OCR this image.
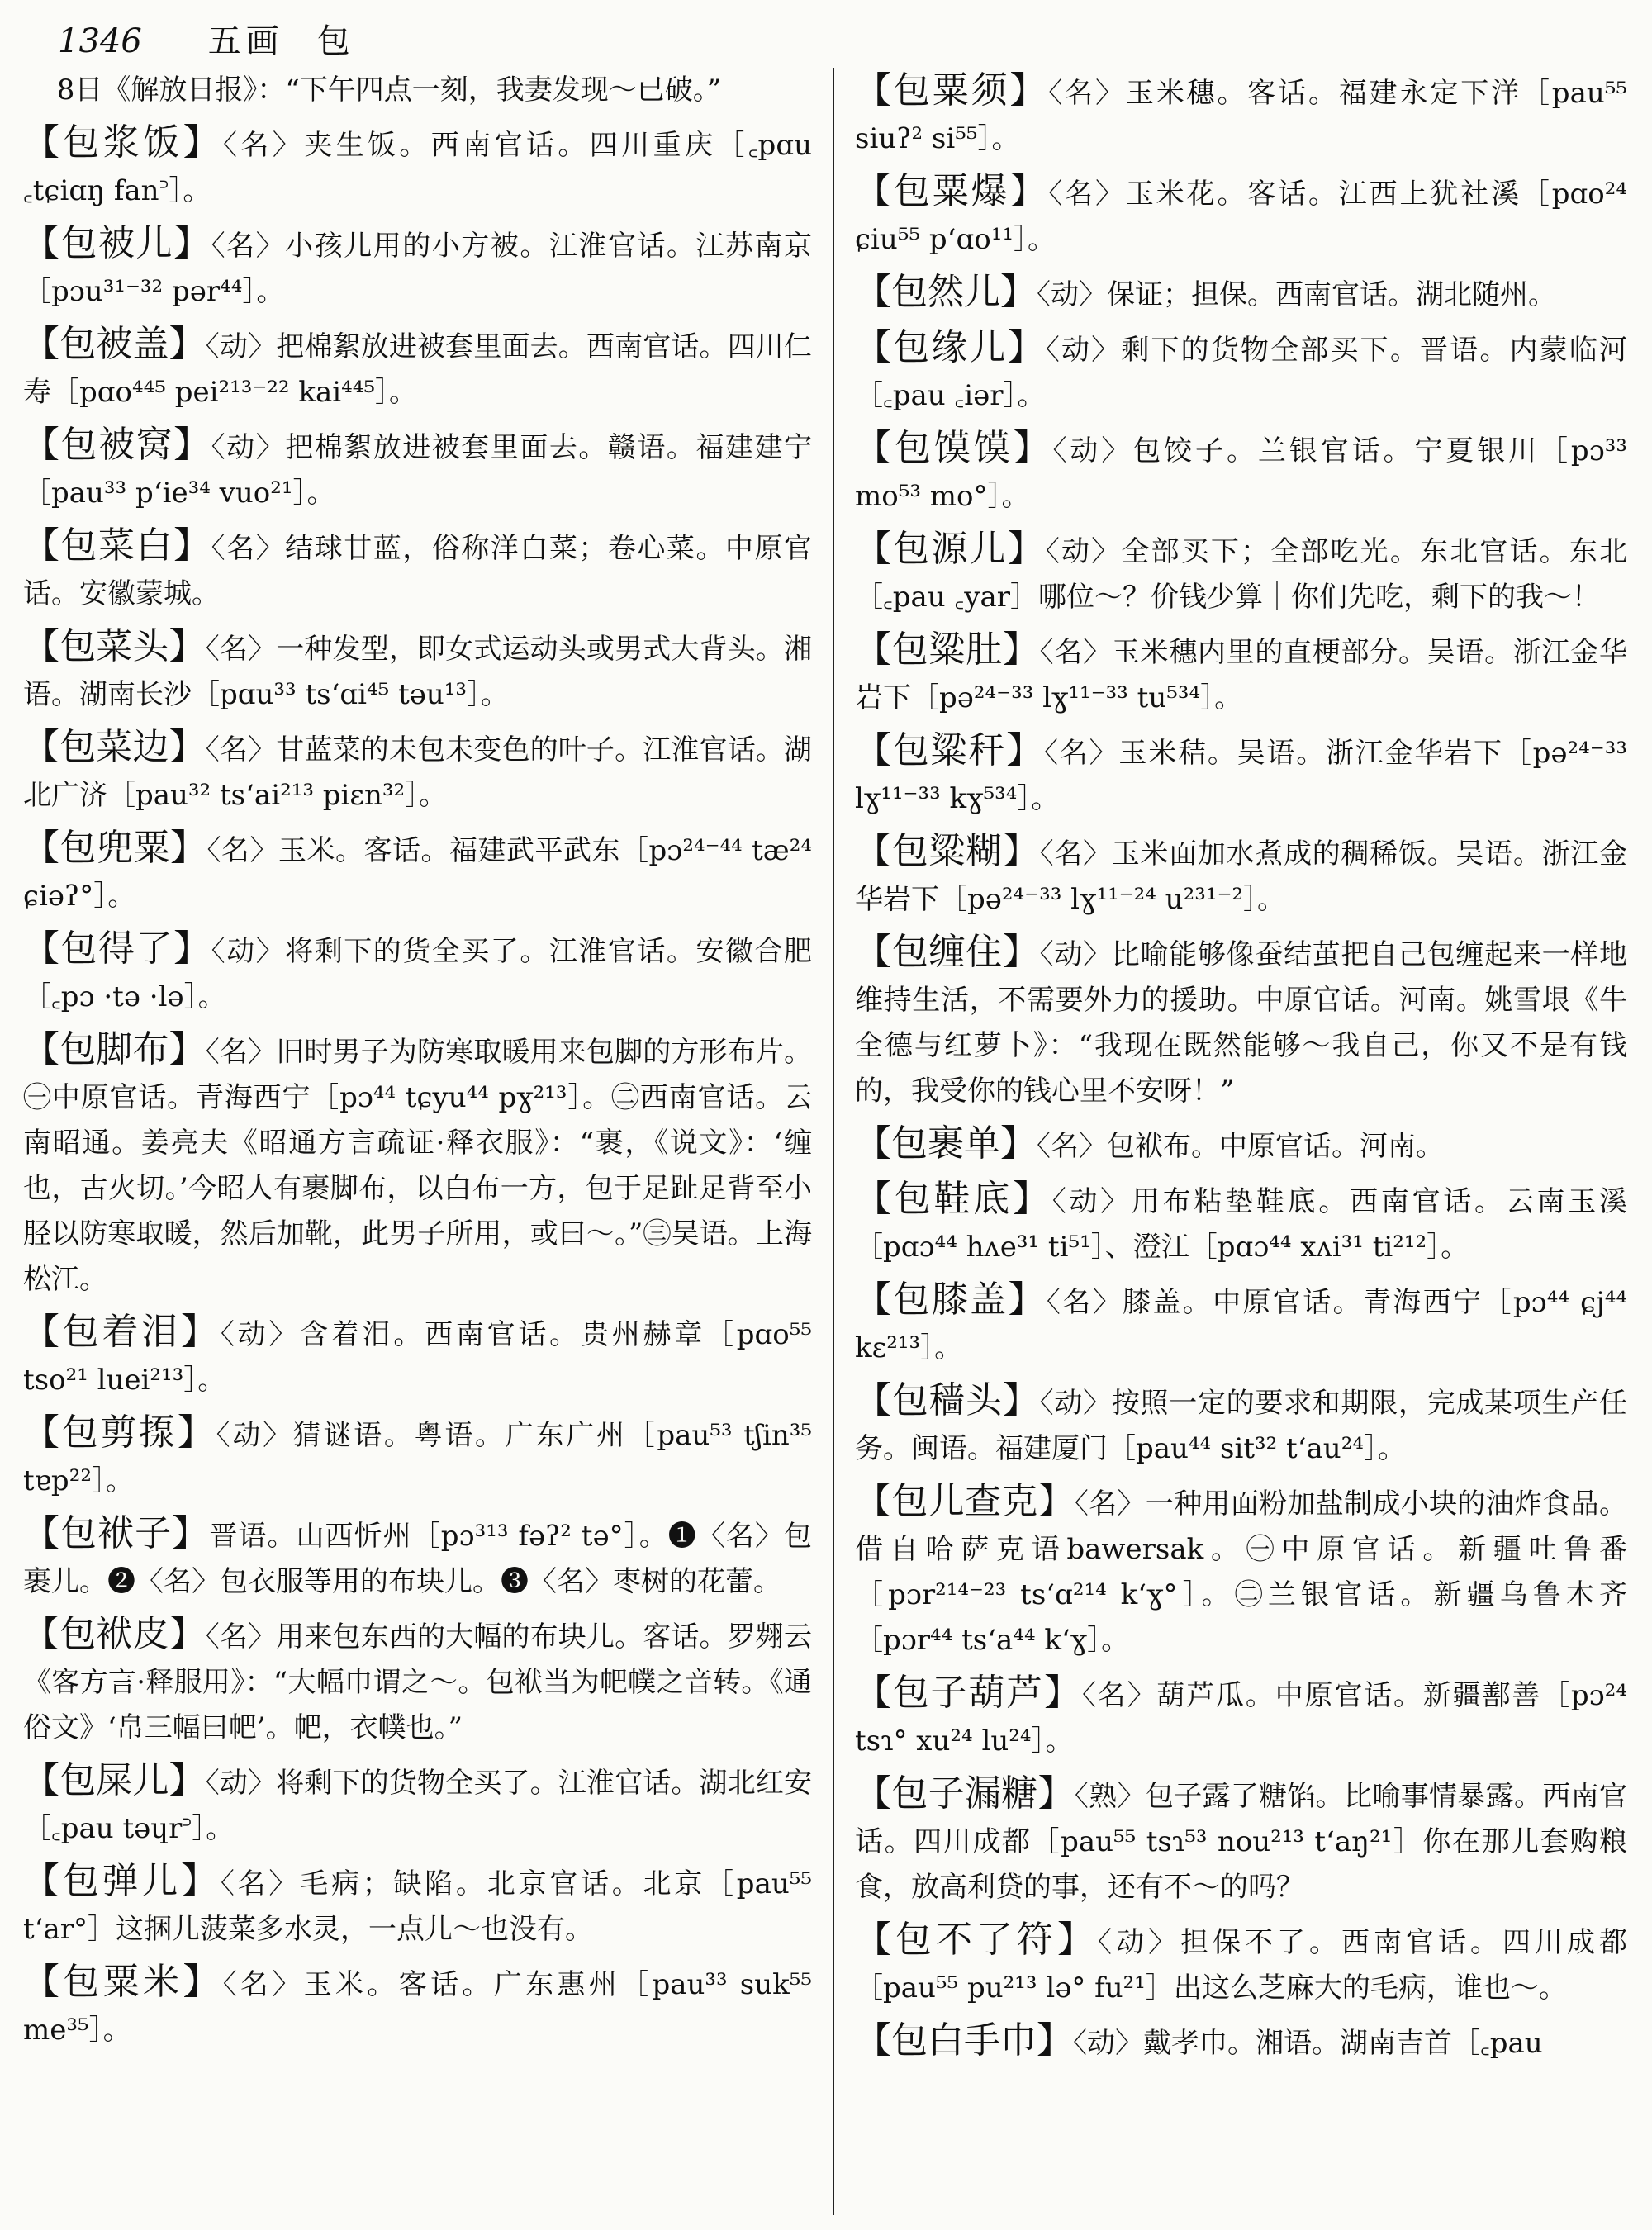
1346 五画 包

8日《解放日报》：“下午四点一刻，我妻发现～已破。”

【包浆饭】〈名〉夹生饭。西南官话。四川重庆［꜀pɑu ꜀tɕiɑŋ fan꜄］。

【包被儿】〈名〉小孩儿用的小方被。江淮官话。江苏南京［pɔu³¹⁻³² pər⁴⁴］。

【包被盖】〈动〉把棉絮放进被套里面去。西南官话。四川仁寿［pɑo⁴⁴⁵ pei²¹³⁻²² kai⁴⁴⁵］。

【包被窝】〈动〉把棉絮放进被套里面去。赣语。福建建宁［pau³³ p‘ie³⁴ vuo²¹］。

【包菜白】〈名〉结球甘蓝，俗称洋白菜；卷心菜。中原官话。安徽蒙城。

【包菜头】〈名〉一种发型，即女式运动头或男式大背头。湘语。湖南长沙［pɑu³³ ts‘ɑi⁴⁵ təu¹³］。

【包菜边】〈名〉甘蓝菜的未包未变色的叶子。江淮官话。湖北广济［pau³² ts‘ai²¹³ piɛn³²］。

【包兜粟】〈名〉玉米。客话。福建武平武东［pɔ²⁴⁻⁴⁴ tæ²⁴ ɕiəʔ°］。

【包得了】〈动〉将剩下的货全买了。江淮官话。安徽合肥［꜀pɔ ·tə ·lə］。

【包脚布】〈名〉旧时男子为防寒取暖用来包脚的方形布片。㊀中原官话。青海西宁［pɔ⁴⁴ tɕyu⁴⁴ pɣ²¹³］。㊁西南官话。云南昭通。姜亮夫《昭通方言疏证·释衣服》：“裹，《说文》：‘缠也，古火切。’今昭人有裹脚布，以白布一方，包于足趾足背至小胫以防寒取暖，然后加靴，此男子所用，或曰～。”㊂吴语。上海松江。

【包着泪】〈动〉含着泪。西南官话。贵州赫章［pɑo⁵⁵ tso²¹ luei²¹³］。

【包剪揼】〈动〉猜谜语。粤语。广东广州［pau⁵³ tʃin³⁵ tɐp²²］。

【包袱子】晋语。山西忻州［pɔ³¹³ fəʔ² tə°］。❶〈名〉包裹儿。❷〈名〉包衣服等用的布块儿。❸〈名〉枣树的花蕾。

【包袱皮】〈名〉用来包东西的大幅的布块儿。客话。罗翙云《客方言·释服用》：“大幅巾谓之～。包袱当为帊幞之音转。《通俗文》‘帛三幅曰帊’。帊，衣幞也。”

【包屎儿】〈动〉将剩下的货物全买了。江淮官话。湖北红安［꜀pau təɥr꜄］。

【包弹儿】〈名〉毛病；缺陷。北京官话。北京［pau⁵⁵ t‘ar°］这捆儿菠菜多水灵，一点儿～也没有。

【包粟米】〈名〉玉米。客话。广东惠州［pau³³ suk⁵⁵ me³⁵］。

【包粟须】〈名〉玉米穗。客话。福建永定下洋［pau⁵⁵ siuʔ² si⁵⁵］。

【包粟爆】〈名〉玉米花。客话。江西上犹社溪［pɑo²⁴ ɕiu⁵⁵ p‘ɑo¹¹］。

【包然儿】〈动〉保证；担保。西南官话。湖北随州。

【包缘儿】〈动〉剩下的货物全部买下。晋语。内蒙临河［꜀pau ꜀iər］。

【包馍馍】〈动〉包饺子。兰银官话。宁夏银川［pɔ³³ mo⁵³ mo°］。

【包源儿】〈动〉全部买下；全部吃光。东北官话。东北［꜀pau ꜀yar］哪位～？价钱少算｜你们先吃，剩下的我～！

【包粱肚】〈名〉玉米穗内里的直梗部分。吴语。浙江金华岩下［pə²⁴⁻³³ lɣ¹¹⁻³³ tu⁵³⁴］。

【包粱秆】〈名〉玉米秸。吴语。浙江金华岩下［pə²⁴⁻³³ lɣ¹¹⁻³³ kɣ⁵³⁴］。

【包粱糊】〈名〉玉米面加水煮成的稠稀饭。吴语。浙江金华岩下［pə²⁴⁻³³ lɣ¹¹⁻²⁴ u²³¹⁻²］。

【包缠住】〈动〉比喻能够像蚕结茧把自己包缠起来一样地维持生活，不需要外力的援助。中原官话。河南。姚雪垠《牛全德与红萝卜》：“我现在既然能够～我自己，你又不是有钱的，我受你的钱心里不安呀！”

【包裹单】〈名〉包袱布。中原官话。河南。

【包鞋底】〈动〉用布粘垫鞋底。西南官话。云南玉溪［pɑɔ⁴⁴ hʌe³¹ ti⁵¹］、澄江［pɑɔ⁴⁴ xʌi³¹ ti²¹²］。

【包膝盖】〈名〉膝盖。中原官话。青海西宁［pɔ⁴⁴ ɕj⁴⁴ kɛ²¹³］。

【包穑头】〈动〉按照一定的要求和期限，完成某项生产任务。闽语。福建厦门［pau⁴⁴ sit³² t‘au²⁴］。

【包儿查克】〈名〉一种用面粉加盐制成小块的油炸食品。借自哈萨克语bawersak。㊀中原官话。新疆吐鲁番［pɔr²¹⁴⁻²³ ts‘ɑ²¹⁴ k‘ɣ°］。㊁兰银官话。新疆乌鲁木齐［pɔr⁴⁴ ts‘a⁴⁴ k‘ɣ］。

【包子葫芦】〈名〉葫芦瓜。中原官话。新疆鄯善［pɔ²⁴ tsɿ° xu²⁴ lu²⁴］。

【包子漏糖】〈熟〉包子露了糖馅。比喻事情暴露。西南官话。四川成都［pau⁵⁵ tsɿ⁵³ nou²¹³ t‘aŋ²¹］你在那儿套购粮食，放高利贷的事，还有不～的吗？

【包不了符】〈动〉担保不了。西南官话。四川成都［pau⁵⁵ pu²¹³ lə° fu²¹］出这么芝麻大的毛病，谁也～。

【包白手巾】〈动〉戴孝巾。湘语。湖南吉首［꜀pau
